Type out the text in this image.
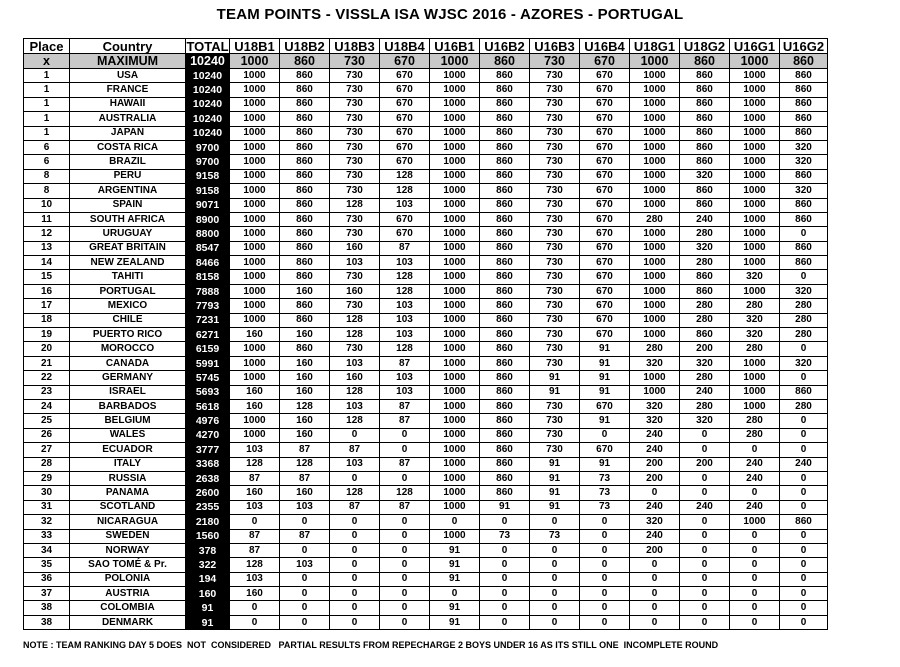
TEAM POINTS - VISSLA ISA WJSC 2016 - AZORES - PORTUGAL
Place	Country	TOTAL	U18B1	U18B2	U18B3	U18B4	U16B1	U16B2	U16B3	U16B4	U18G1	U18G2	U16G1	U16G2
x	MAXIMUM	10240	1000	860	730	670	1000	860	730	670	1000	860	1000	860
1	USA	10240	1000	860	730	670	1000	860	730	670	1000	860	1000	860
1	FRANCE	10240	1000	860	730	670	1000	860	730	670	1000	860	1000	860
1	HAWAII	10240	1000	860	730	670	1000	860	730	670	1000	860	1000	860
1	AUSTRALIA	10240	1000	860	730	670	1000	860	730	670	1000	860	1000	860
1	JAPAN	10240	1000	860	730	670	1000	860	730	670	1000	860	1000	860
6	COSTA RICA	9700	1000	860	730	670	1000	860	730	670	1000	860	1000	320
6	BRAZIL	9700	1000	860	730	670	1000	860	730	670	1000	860	1000	320
8	PERU	9158	1000	860	730	128	1000	860	730	670	1000	320	1000	860
8	ARGENTINA	9158	1000	860	730	128	1000	860	730	670	1000	860	1000	320
10	SPAIN	9071	1000	860	128	103	1000	860	730	670	1000	860	1000	860
11	SOUTH AFRICA	8900	1000	860	730	670	1000	860	730	670	280	240	1000	860
12	URUGUAY	8800	1000	860	730	670	1000	860	730	670	1000	280	1000	0
13	GREAT BRITAIN	8547	1000	860	160	87	1000	860	730	670	1000	320	1000	860
14	NEW ZEALAND	8466	1000	860	103	103	1000	860	730	670	1000	280	1000	860
15	TAHITI	8158	1000	860	730	128	1000	860	730	670	1000	860	320	0
16	PORTUGAL	7888	1000	160	160	128	1000	860	730	670	1000	860	1000	320
17	MEXICO	7793	1000	860	730	103	1000	860	730	670	1000	280	280	280
18	CHILE	7231	1000	860	128	103	1000	860	730	670	1000	280	320	280
19	PUERTO RICO	6271	160	160	128	103	1000	860	730	670	1000	860	320	280
20	MOROCCO	6159	1000	860	730	128	1000	860	730	91	280	200	280	0
21	CANADA	5991	1000	160	103	87	1000	860	730	91	320	320	1000	320
22	GERMANY	5745	1000	160	160	103	1000	860	91	91	1000	280	1000	0
23	ISRAEL	5693	160	160	128	103	1000	860	91	91	1000	240	1000	860
24	BARBADOS	5618	160	128	103	87	1000	860	730	670	320	280	1000	280
25	BELGIUM	4976	1000	160	128	87	1000	860	730	91	320	320	280	0
26	WALES	4270	1000	160	0	0	1000	860	730	0	240	0	280	0
27	ECUADOR	3777	103	87	87	0	1000	860	730	670	240	0	0	0
28	ITALY	3368	128	128	103	87	1000	860	91	91	200	200	240	240
29	RUSSIA	2638	87	87	0	0	1000	860	91	73	200	0	240	0
30	PANAMA	2600	160	160	128	128	1000	860	91	73	0	0	0	0
31	SCOTLAND	2355	103	103	87	87	1000	91	91	73	240	240	240	0
32	NICARAGUA	2180	0	0	0	0	0	0	0	0	320	0	1000	860
33	SWEDEN	1560	87	87	0	0	1000	73	73	0	240	0	0	0
34	NORWAY	378	87	0	0	0	91	0	0	0	200	0	0	0
35	SAO TOMÉ & Pr.	322	128	103	0	0	91	0	0	0	0	0	0	0
36	POLONIA	194	103	0	0	0	91	0	0	0	0	0	0	0
37	AUSTRIA	160	160	0	0	0	0	0	0	0	0	0	0	0
38	COLOMBIA	91	0	0	0	0	91	0	0	0	0	0	0	0
38	DENMARK	91	0	0	0	0	91	0	0	0	0	0	0	0
NOTE : TEAM RANKING DAY 5 DOES  NOT  CONSIDERED   PARTIAL RESULTS FROM REPECHARGE 2 BOYS UNDER 16 AS ITS STILL ONE  INCOMPLETE ROUND
